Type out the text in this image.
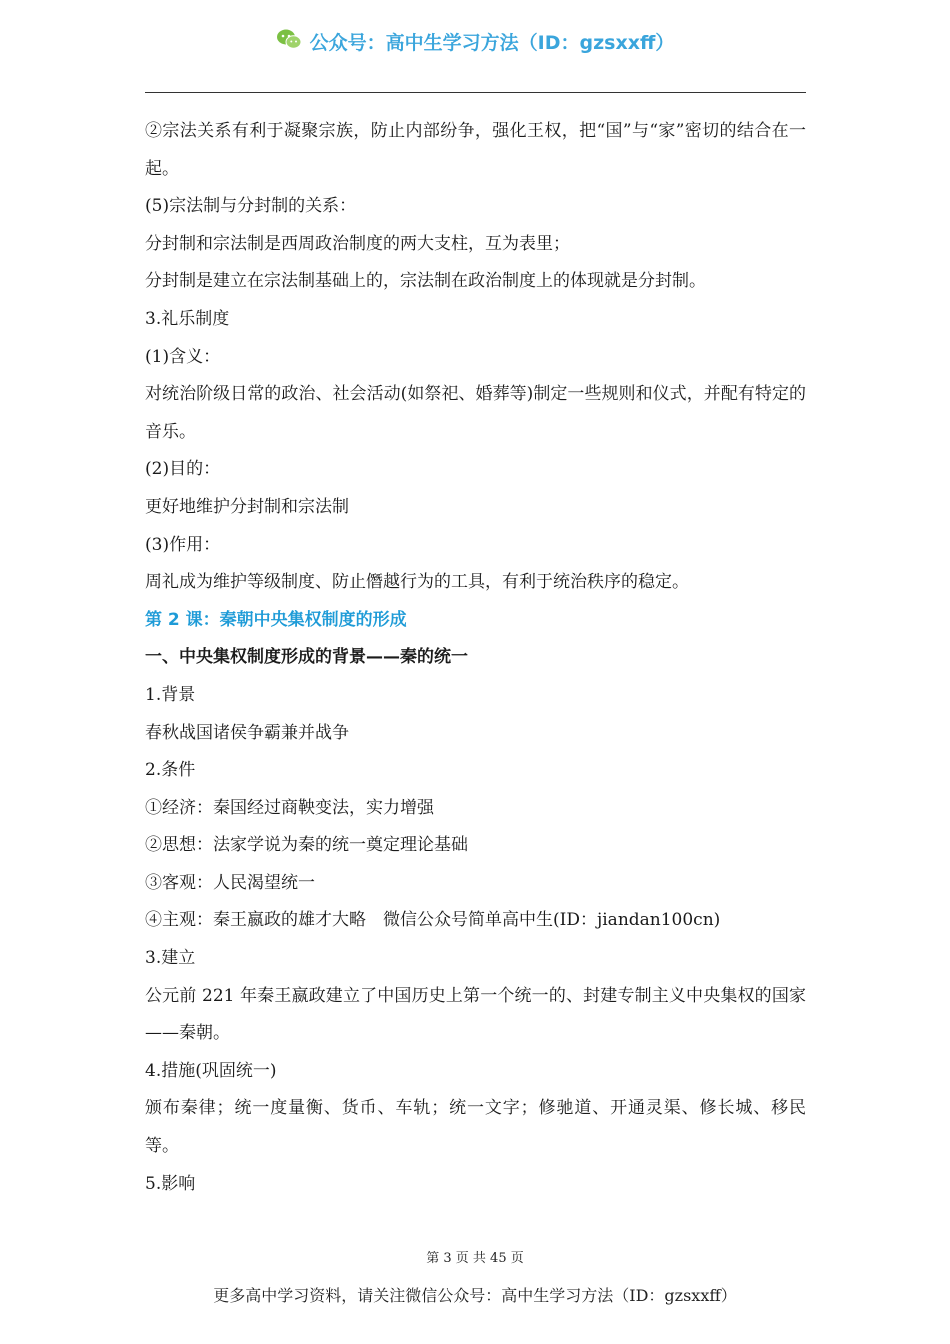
公众号：高中生学习方法（ID：gzsxxff）
②宗法关系有利于凝聚宗族，防止内部纷争，强化王权，把“国”与“家”密切的结合在一起。
(5)宗法制与分封制的关系：
分封制和宗法制是西周政治制度的两大支柱，互为表里；
分封制是建立在宗法制基础上的，宗法制在政治制度上的体现就是分封制。
3.礼乐制度
(1)含义：
对统治阶级日常的政治、社会活动(如祭祀、婚葬等)制定一些规则和仪式，并配有特定的音乐。
(2)目的：
更好地维护分封制和宗法制
(3)作用：
周礼成为维护等级制度、防止僭越行为的工具，有利于统治秩序的稳定。
第 2 课：秦朝中央集权制度的形成
一、中央集权制度形成的背景——秦的统一
1.背景
春秋战国诸侯争霸兼并战争
2.条件
①经济：秦国经过商鞅变法，实力增强
②思想：法家学说为秦的统一奠定理论基础
③客观：人民渴望统一
④主观：秦王嬴政的雄才大略　微信公众号简单高中生(ID：jiandan100cn)
3.建立
公元前 221 年秦王嬴政建立了中国历史上第一个统一的、封建专制主义中央集权的国家——秦朝。
4.措施(巩固统一)
颁布秦律；统一度量衡、货币、车轨；统一文字；修驰道、开通灵渠、修长城、移民等。
5.影响
第 3 页 共 45 页
更多高中学习资料，请关注微信公众号：高中生学习方法（ID：gzsxxff）
